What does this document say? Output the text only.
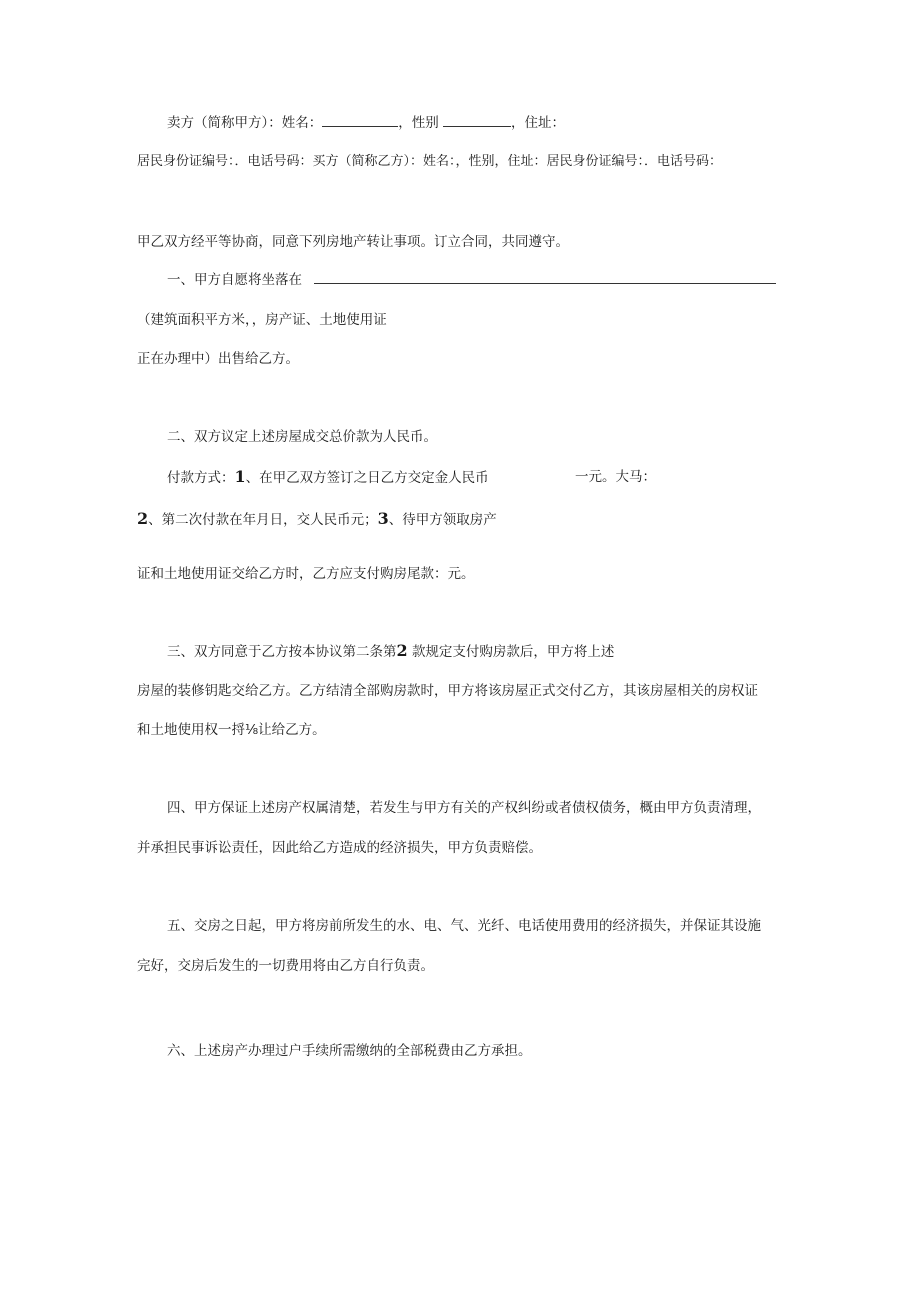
卖方（简称甲方）：姓名：	，性别	，住址：
居民身份证编号：．电话号码：买方（简称乙方）：姓名：，性别，住址：居民身份证编号：．电话号码：
甲乙双方经平等协商，同意下列房地产转让事项。订立合同，共同遵守。
一、甲方自愿将坐落在
（建筑面积平方米，，房产证、土地使用证
正在办理中）出售给乙方。
二、双方议定上述房屋成交总价款为人民币。
付款方式：1、在甲乙双方签订之日乙方交定金人民币	一元。大马：
2、第二次付款在年月日，交人民币元；3、待甲方领取房产
证和土地使用证交给乙方时，乙方应支付购房尾款：元。
三、双方同意于乙方按本协议第二条第2 款规定支付购房款后，甲方将上述
房屋的装修钥匙交给乙方。乙方结清全部购房款时，甲方将该房屋正式交付乙方，其该房屋相关的房权证
和土地使用权一捋⅛让给乙方。
四、甲方保证上述房产权属清楚，若发生与甲方有关的产权纠纷或者债权债务，概由甲方负责清理，
并承担民事诉讼责任，因此给乙方造成的经济损失，甲方负责赔偿。
五、交房之日起，甲方将房前所发生的水、电、气、光纤、电话使用费用的经济损失，并保证其设施
完好，交房后发生的一切费用将由乙方自行负责。
六、上述房产办理过户手续所需缴纳的全部税费由乙方承担。
